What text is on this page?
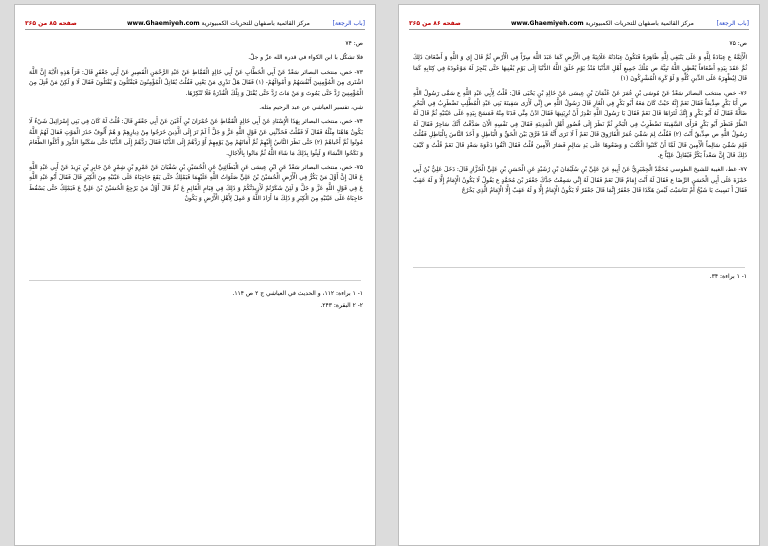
صفحه ۸۵ من ۳۶۵	مركز القائمية باصفهان للتحريات الكمبيوترية www.Ghaemiyeh.com	[باب الرجعة]

ص: ۷۴

فلا تشكّل با ابن الكواء في قدرة الله عزّ و جلّ.

۷۳- خص، منتخب البصائر سَعْدٌ عَنْ أَبِي الْخَطَّابِ عَنْ أَبِي خَالِدٍ الْقَمَّاطِ عَنْ عَبْدِ الرَّحْمَنِ الْقَصِيرِ عَنْ أَبِي جَعْفَرٍ قَالَ: قَرَأَ هَذِهِ الْآيَةَ إِنَّ اللَّهَ اشْتَرى مِنَ الْمُؤْمِنِينَ أَنْفُسَهُمْ وَ أَمْوالَهُمْ- (۱) فَقَالَ هَلْ تَدْرِي مَنْ يَعْنِي فَقُلْتُ يُقَاتِلُ الْمُؤْمِنُونَ فَيَقْتُلُونَ وَ يُقْتَلُونَ فَقَالَ لَا وَ لَكِنْ مَنْ قُتِلَ مِنَ الْمُؤْمِنِينَ رُدَّ حَتَّى يَمُوتَ وَ مَنْ مَاتَ رُدَّ حَتَّى يُقْتَلَ وَ تِلْكَ الْقُدْرَةُ فَلَا تُنْكِرْهَا.

شي، تفسير العياشي عن عبد الرحيم مثله.

۷۴- خص، منتخب البصائر بِهَذَا الْإِسْنَادِ عَنْ أَبِي خَالِدٍ الْقَمَّاطِ عَنْ حُمْرَانَ بْنِ أَعْيَنَ عَنْ أَبِي جَعْفَرٍ قَالَ: قُلْتُ لَهُ كَانَ فِي بَنِي إِسْرَائِيلَ شَيْءٌ لَا يَكُونُ هَاهُنَا مِثْلُهُ فَقَالَ لَا فَقُلْتُ فَحَدِّثْنِي عَنْ قَوْلِ اللَّهِ عَزَّ وَ جَلَّ أَ لَمْ تَرَ إِلَى الَّذِينَ خَرَجُوا مِنْ دِيارِهِمْ وَ هُمْ أُلُوفٌ حَذَرَ الْمَوْتِ فَقالَ لَهُمُ اللَّهُ مُوتُوا ثُمَّ أَحْياهُمْ (۲) حَتَّى نَظَرَ النَّاسُ إِلَيْهِمْ ثُمَّ أَمَاتَهُمْ مِنْ يَوْمِهِمْ أَوْ رَدَّهُمْ إِلَى الدُّنْيَا فَقَالَ رَدَّهُمْ إِلَى الدُّنْيَا حَتَّى سَكَنُوا الدُّورَ وَ أَكَلُوا الطَّعَامَ وَ نَكَحُوا النِّسَاءَ وَ لَبِثُوا بِذَلِكَ مَا شَاءَ اللَّهُ ثُمَّ مَاتُوا بِالْآجَالِ.

۷۵- خص، منتخب البصائر سَعْدٌ عَنِ ابْنِ عِيسَى عَنِ الْبَطَائِنِيِّ عَنِ الْحُسَيْنِ بْنِ سُفْيَانَ عَنْ عَمْرِو بْنِ شِمْرٍ عَنْ جَابِرِ بْنِ يَزِيدَ عَنْ أَبِي عَبْدِ اللَّهِ عَ قَالَ إِنَّ أَوَّلَ مَنْ يَكُرُّ فِي الْأَرْضِ الْحُسَيْنُ بْنُ عَلِيٍّ صَلَوَاتُ اللَّهِ عَلَيْهِمَا فَيَمْلِكُ حَتَّى يَقَعَ حَاجِبَاهُ عَلَى عَيْنَيْهِ مِنَ الْكِبَرِ قَالَ فَقَالَ أَبُو عَبْدِ اللَّهِ عَ فِي قَوْلِ اللَّهِ عَزَّ وَ جَلَّ وَ لَئِنْ شَكَرْتُمْ لَأَزِيدَنَّكُمْ وَ ذَلِكَ فِي قِيَامِ الْقَائِمِ عَ ثُمَّ قَالَ أَوَّلُ مَنْ يَرْجِعُ الْحُسَيْنُ بْنُ عَلِيٍّ عَ فَيَمْلِكُ حَتَّى يَسْقُطَ حَاجِبَاهُ عَلَى عَيْنَيْهِ مِنَ الْكِبَرِ وَ ذَلِكَ مَا أَرَادَ اللَّهُ وَ عَمِلَ لِأَهْلِ الْأَرْضِ وَ يَكُونُ

۱- ۱ براءة: ۱۱۲، و الحديث في العياشي ج ۲ ص ۱۱۴.
۲- ۲ البقرة: ۲۴۳.
صفحه ۸۶ من ۳۶۵	مركز القائمية باصفهان للتحريات الكمبيوترية www.Ghaemiyeh.com	[باب الرجعة]

ص: ۷۵

الْأَئِمَّةُ ع عِبَادَةً لِلَّهِ وَ عَلَى يَنْبَغِي لِلَّهِ ظَاهِرَةً فَتَكُونُ عِبَادَتُهُ عَلَانِيَةً فِي الْأَرْضِ كَمَا عَبَدَ اللَّهَ سِرّاً فِي الْأَرْضِ ثُمَّ قَالَ إِي وَ اللَّهِ وَ أَضْعَافَ ذَلِكَ ثُمَّ عَقَدَ بِيَدِهِ أَضْعَافاً يُعْطِي اللَّهُ نَبِيَّهُ ص مُلْكَ جَمِيعِ أَهْلِ الدُّنْيَا مُنْذُ يَوْمِ خَلَقَ اللَّهُ الدُّنْيَا إِلَى يَوْمِ يُفْنِيهَا حَتَّى يُنْجِزَ لَهُ مَوْعُودَهُ فِي كِتَابِهِ كَمَا قَالَ لِيُظْهِرَهُ عَلَى الدِّينِ كُلِّهِ وَ لَوْ كَرِهَ الْمُشْرِكُونَ (۱)

۷۶- خص، منتخب البصائر سَعْدٌ عَنْ مُوسَى بْنِ عُمَرَ عَنْ عُثْمَانَ بْنِ عِيسَى عَنْ خَالِدِ بْنِ يَحْيَى قَالَ: قُلْتُ لِأَبِي عَبْدِ اللَّهِ ع سَمَّى رَسُولُ اللَّهِ ص أَبَا بَكْرٍ صِدِّيقاً فَقَالَ نَعَمْ إِنَّهُ حَيْثُ كَانَ مَعَهُ أَبُو بَكْرٍ فِي الْغَارِ قَالَ رَسُولُ اللَّهِ ص إِنِّي لَأَرَى سَفِينَةَ بَنِي عَبْدِ الْمُطَّلِبِ تَضْطَرِبُ فِي الْبَحْرِ ضَالَّةً فَقَالَ لَهُ أَبُو بَكْرٍ وَ إِنَّكَ لَتَرَاهَا قَالَ نَعَمْ فَقَالَ يَا رَسُولَ اللَّهِ تَقْدِرُ أَنْ تُرِيَنِيهَا فَقَالَ ادْنُ مِنِّي فَدَنَا مِنْهُ فَمَسَحَ بِيَدِهِ عَلَى عَيْنَيْهِ ثُمَّ قَالَ لَهُ انْظُرْ فَنَظَرَ أَبُو بَكْرٍ فَرَأَى السَّفِينَةَ تَضْطَرِبُ فِي الْبَحْرِ ثُمَّ نَظَرَ إِلَى قُصُورِ أَهْلِ الْمَدِينَةِ فَقَالَ فِي نَفْسِهِ الْآنَ صَدَّقْتُ أَنَّكَ سَاحِرٌ فَقَالَ لَهُ رَسُولُ اللَّهِ ص صِدِّيقٌ أَنْتَ (۲) فَقُلْتُ لِمَ سُمِّيَ عُمَرُ الْفَارُوقَ قَالَ نَعَمْ أَ لَا تَرَى أَنَّهُ قَدْ فَرَّقَ بَيْنَ الْحَقِّ وَ الْبَاطِلِ وَ أَخَذَ النَّاسَ بِالْبَاطِلِ فَقُلْتُ فَلِمَ سُمِّيَ سَالِماً الْأَمِينَ قَالَ لَمَّا أَنْ كَتَبُوا الْكُتُبَ وَ وَضَعُوهَا عَلَى يَدِ سَالِمٍ فَصَارَ الْأَمِينَ قُلْتُ فَقَالَ اتَّقُوا دَعْوَةَ سَعْدٍ قَالَ نَعَمْ قُلْتُ وَ كَيْفَ ذَلِكَ قَالَ إِنَّ سَعْداً يَكُرُّ فَيُقَاتِلُ عَلِيّاً ع.

۷۷- غط، الغيبة للشيخ الطوسي مُحَمَّدٌ الْحِمْيَرِيُّ عَنْ أَبِيهِ عَنْ عَلِيِّ بْنِ سُلَيْمَانَ بْنِ رُشَيْدٍ عَنِ الْحَسَنِ بْنِ عَلِيٍّ الْخَزَّازِ قَالَ: دَخَلَ عَلِيُّ بْنُ أَبِي حَمْزَةَ عَلَى أَبِي الْحَسَنِ الرِّضَا ع فَقَالَ لَهُ أَنْتَ إِمَامٌ قَالَ نَعَمْ فَقَالَ لَهُ إِنِّي سَمِعْتُ جَدَّكَ جَعْفَرَ بْنَ مُحَمَّدٍ ع يَقُولُ لَا يَكُونُ الْإِمَامُ إِلَّا وَ لَهُ عَقِبٌ فَقَالَ أَ نَسِيتَ يَا شَيْخُ أَمْ تَنَاسَيْتَ لَيْسَ هَكَذَا قَالَ جَعْفَرٌ إِنَّمَا قَالَ جَعْفَرٌ لَا يَكُونُ الْإِمَامُ إِلَّا وَ لَهُ عَقِبٌ إِلَّا الْإِمَامُ الَّذِي يَخْرُجُ

۱- ۱ براءة: ۳۴.
